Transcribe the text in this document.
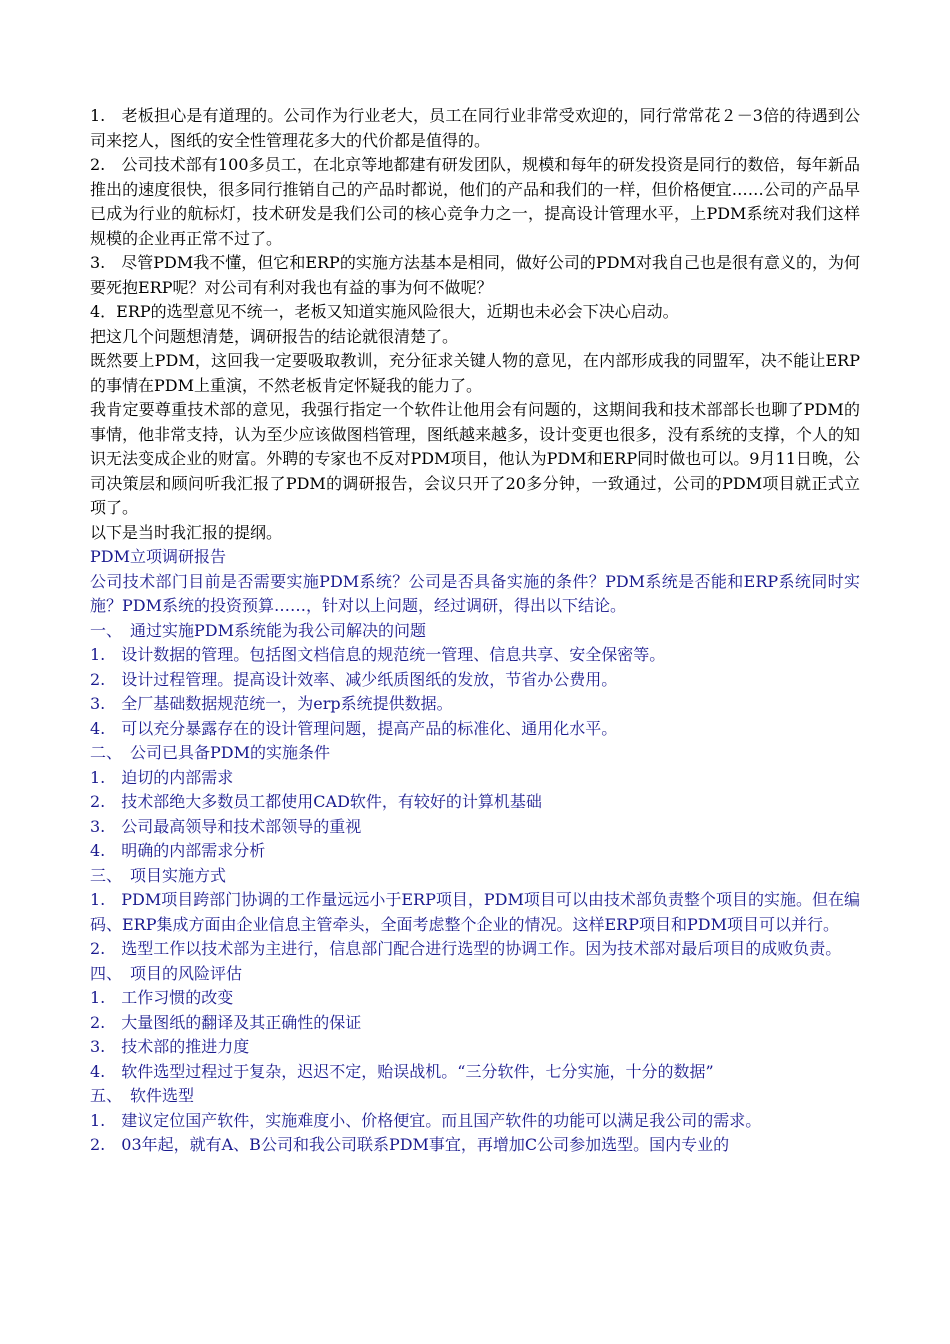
1.　老板担心是有道理的。公司作为行业老大，员工在同行业非常受欢迎的，同行常常花２－3倍的待遇到公司来挖人，图纸的安全性管理花多大的代价都是值得的。

2.　公司技术部有100多员工，在北京等地都建有研发团队，规模和每年的研发投资是同行的数倍，每年新品推出的速度很快，很多同行推销自己的产品时都说，他们的产品和我们的一样，但价格便宜……公司的产品早已成为行业的航标灯，技术研发是我们公司的核心竞争力之一，提高设计管理水平，上PDM系统对我们这样规模的企业再正常不过了。

3.　尽管PDM我不懂，但它和ERP的实施方法基本是相同，做好公司的PDM对我自己也是很有意义的，为何要死抱ERP呢？对公司有利对我也有益的事为何不做呢？

4．ERP的选型意见不统一，老板又知道实施风险很大，近期也未必会下决心启动。

把这几个问题想清楚，调研报告的结论就很清楚了。

既然要上PDM，这回我一定要吸取教训，充分征求关键人物的意见，在内部形成我的同盟军，决不能让ERP的事情在PDM上重演，不然老板肯定怀疑我的能力了。

我肯定要尊重技术部的意见，我强行指定一个软件让他用会有问题的，这期间我和技术部部长也聊了PDM的事情，他非常支持，认为至少应该做图档管理，图纸越来越多，设计变更也很多，没有系统的支撑，个人的知识无法变成企业的财富。外聘的专家也不反对PDM项目，他认为PDM和ERP同时做也可以。9月11日晚，公司决策层和顾问听我汇报了PDM的调研报告，会议只开了20多分钟，一致通过，公司的PDM项目就正式立项了。

以下是当时我汇报的提纲。

PDM立项调研报告

公司技术部门目前是否需要实施PDM系统？公司是否具备实施的条件？PDM系统是否能和ERP系统同时实施？PDM系统的投资预算……，针对以上问题，经过调研，得出以下结论。

一、　通过实施PDM系统能为我公司解决的问题

1.　设计数据的管理。包括图文档信息的规范统一管理、信息共享、安全保密等。

2.　设计过程管理。提高设计效率、减少纸质图纸的发放，节省办公费用。

3.　全厂基础数据规范统一，为erp系统提供数据。

4.　可以充分暴露存在的设计管理问题，提高产品的标准化、通用化水平。

二、　公司已具备PDM的实施条件

1.　迫切的内部需求

2.　技术部绝大多数员工都使用CAD软件，有较好的计算机基础

3.　公司最高领导和技术部领导的重视

4.　明确的内部需求分析

三、　项目实施方式

1.　PDM项目跨部门协调的工作量远远小于ERP项目，PDM项目可以由技术部负责整个项目的实施。但在编码、ERP集成方面由企业信息主管牵头，全面考虑整个企业的情况。这样ERP项目和PDM项目可以并行。

2.　选型工作以技术部为主进行，信息部门配合进行选型的协调工作。因为技术部对最后项目的成败负责。

四、　项目的风险评估

1.　工作习惯的改变

2.　大量图纸的翻译及其正确性的保证

3.　技术部的推进力度

4.　软件选型过程过于复杂，迟迟不定，贻误战机。“三分软件，七分实施，十分的数据”

五、　软件选型

1.　建议定位国产软件，实施难度小、价格便宜。而且国产软件的功能可以满足我公司的需求。

2.　03年起，就有A、B公司和我公司联系PDM事宜，再增加C公司参加选型。国内专业的
